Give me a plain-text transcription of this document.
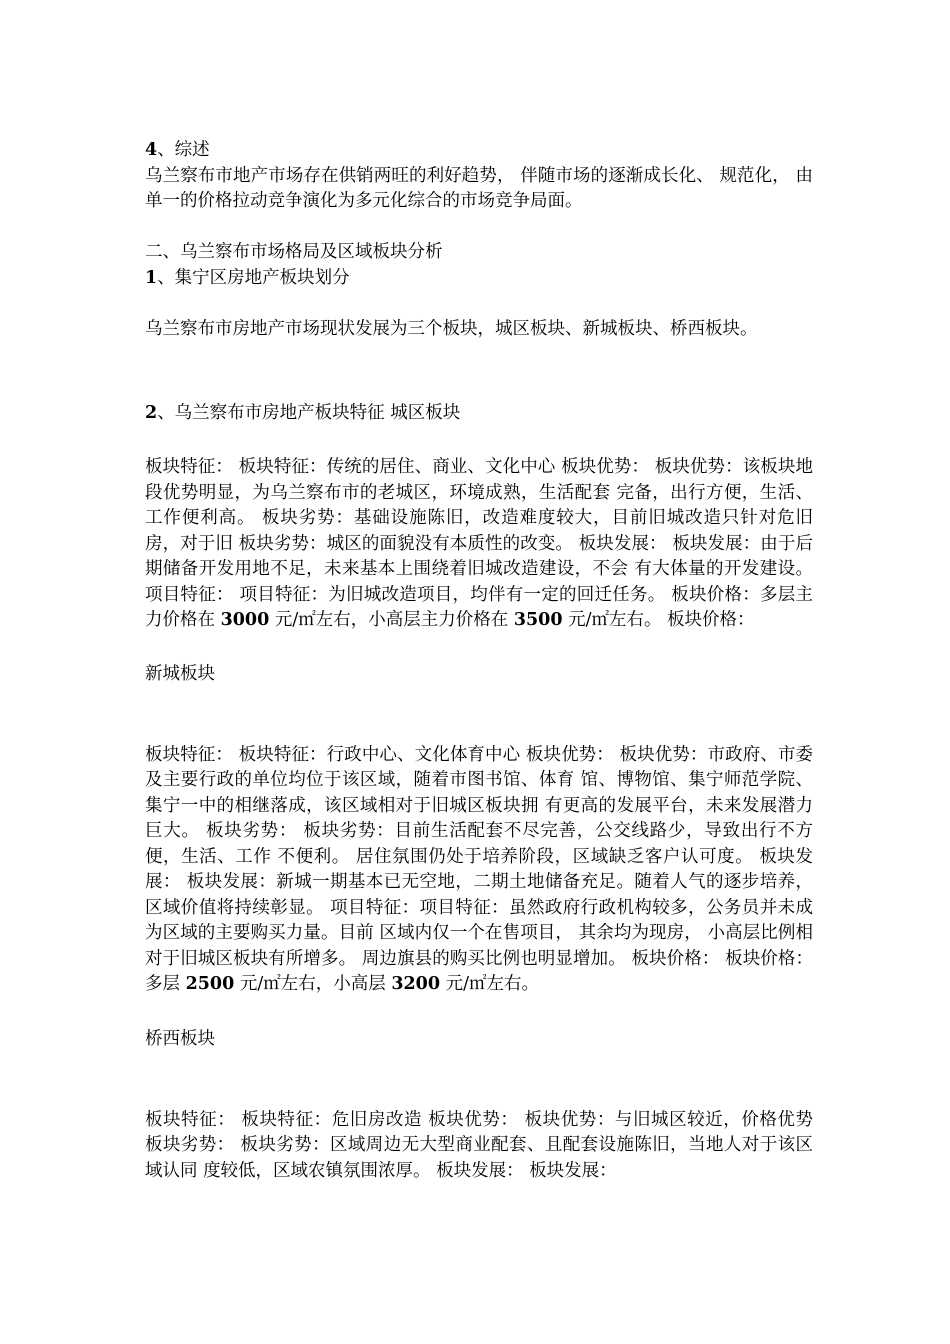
4、综述

乌兰察布市地产市场存在供销两旺的利好趋势， 伴随市场的逐渐成长化、 规范化， 由单一的价格拉动竞争演化为多元化综合的市场竞争局面。

二、乌兰察布市场格局及区域板块分析

1、集宁区房地产板块划分

乌兰察布市房地产市场现状发展为三个板块，城区板块、新城板块、桥西板块。

2、乌兰察布市房地产板块特征 城区板块

板块特征： 板块特征：传统的居住、商业、文化中心 板块优势： 板块优势：该板块地段优势明显，为乌兰察布市的老城区，环境成熟，生活配套 完备，出行方便，生活、工作便利高。 板块劣势：基础设施陈旧，改造难度较大，目前旧城改造只针对危旧房，对于旧 板块劣势：城区的面貌没有本质性的改变。 板块发展： 板块发展：由于后期储备开发用地不足，未来基本上围绕着旧城改造建设，不会 有大体量的开发建设。 项目特征： 项目特征：为旧城改造项目，均伴有一定的回迁任务。 板块价格：多层主力价格在 3000 元/㎡左右，小高层主力价格在 3500 元/㎡左右。 板块价格：

新城板块

板块特征： 板块特征：行政中心、文化体育中心 板块优势： 板块优势：市政府、市委及主要行政的单位均位于该区域，随着市图书馆、体育 馆、博物馆、集宁师范学院、集宁一中的相继落成，该区域相对于旧城区板块拥 有更高的发展平台，未来发展潜力巨大。 板块劣势： 板块劣势：目前生活配套不尽完善，公交线路少，导致出行不方便，生活、工作 不便利。 居住氛围仍处于培养阶段，区域缺乏客户认可度。 板块发展： 板块发展：新城一期基本已无空地，二期土地储备充足。随着人气的逐步培养， 区域价值将持续彰显。 项目特征：项目特征：虽然政府行政机构较多，公务员并未成为区域的主要购买力量。目前 区域内仅一个在售项目， 其余均为现房， 小高层比例相对于旧城区板块有所增多。 周边旗县的购买比例也明显增加。 板块价格： 板块价格：多层 2500 元/㎡左右，小高层 3200 元/㎡左右。

桥西板块

板块特征： 板块特征：危旧房改造 板块优势： 板块优势：与旧城区较近，价格优势 板块劣势： 板块劣势：区域周边无大型商业配套、且配套设施陈旧，当地人对于该区域认同 度较低，区域农镇氛围浓厚。 板块发展： 板块发展：
